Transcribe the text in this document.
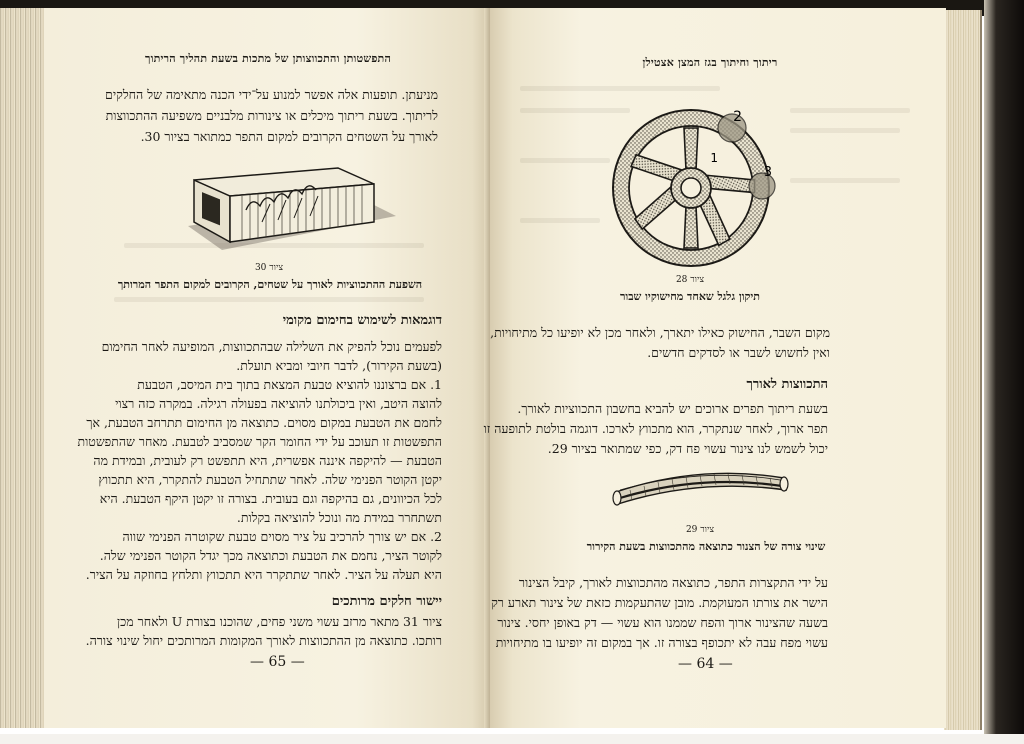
התפשטותן והתכווצותן של מתכות בשעת תהליך הריתוך
מניעתן. תופעות אלה אפשר למנוע על־ידי הכנה מתאימה של החלקים
לריתוך. בשעת ריתוך מיכלים או צינורות מלבניים משפיעה ההתכווצות
לאורך על השטחים הקרובים למקום התפר כמתואר בציור 30.
ציור 30
השפעת ההתכווציות לאורך על שטחים, הקרובים למקום התפר המרותך
דוגמאות לשימוש בחימום מקומי
לפעמים נוכל להפיק את השלילה שבהתכווצות, המופיעה לאחר החימום
(בשעת הקירור), לדבר חיובי ומביא תועלת.
1. אם ברצוננו להוציא טבעת המצאת בתוך בית המיסב, הטבעת
להוצה היטב, ואין ביכולתנו להוציאה בפעולה רגילה. במקרה כזה רצוי
לחמם את הטבעת במקום מסוים. כתוצאה מן החימום תתרחב הטבעת, אך
התפשטות זו תעוכב על ידי החומר הקר שמסביב לטבעת. מאחר שהתפשטות
הטבעת — להיקפה איננה אפשרית, היא תתפשט רק לעובית, ובמידת מה
יקטן הקוטר הפנימי שלה. לאחר שתתחיל הטבעת להתקרר, היא תתכווץ
לכל הכיוונים, גם בהיקפה וגם בעובית. בצורה זו יקטן היקף הטבעת. היא
תשתחרר במידת מה ונוכל להוציאה בקלות.
2. אם יש צורך להרכיב על ציר מסוים טבעת שקוטרה הפנימי שווה
לקוטר הציר, נחמם את הטבעת וכתוצאה מכך יגדל הקוטר הפנימי שלה.
היא תעלה על הציר. לאחר שתתקרר היא תתכווץ ותלחץ בחוזקה על הציר.
יישור חלקים מרותכים
ציור 31 מתאר מרזב עשוי משני פחים, שהוכנו בצורת U ולאחר מכן
רותכו. כתוצאה מן ההתכווצות לאורך המקומות המרותכים יחול שינוי צורה.
— 65 —
ריתוך וחיתוך בגז המצן אצטילן
1
2
3
ציור 28
תיקון גלגל שאחד מחישוקיו שבור
מקום השבר, החישוק כאילו יתארך, ולאחר מכן לא יופיעו כל מתיחויות,
ואין לחשוש לשבר או לסדקים חדשים.
התכווצות לאורך
בשעת ריתוך תפרים ארוכים יש להביא בחשבון התכווציות לאורך.
תפר ארוך, לאחר שנתקרר, הוא מתכווץ לארכו. דוגמה בולטת לתופעה זו
יכול לשמש לנו צינור עשוי פח דק, כפי שמתואר בציור 29.
ציור 29
שינוי צורה של הצנור כתוצאה מהתכווצות בשעת הקירור
על ידי התקצרות התפר, כתוצאה מהתכווצות לאורך, קיבל הצינור
הישר את צורתו המעוקמת. מובן שהתעקמות כזאת של צינור תארע רק
בשעה שהצינור ארוך והפח שממנו הוא עשוי — דק באופן יחסי. צינור
עשוי מפח עבה לא יתכופף בצורה זו. אך במקום זה יופיעו בו מתיחויות
— 64 —
